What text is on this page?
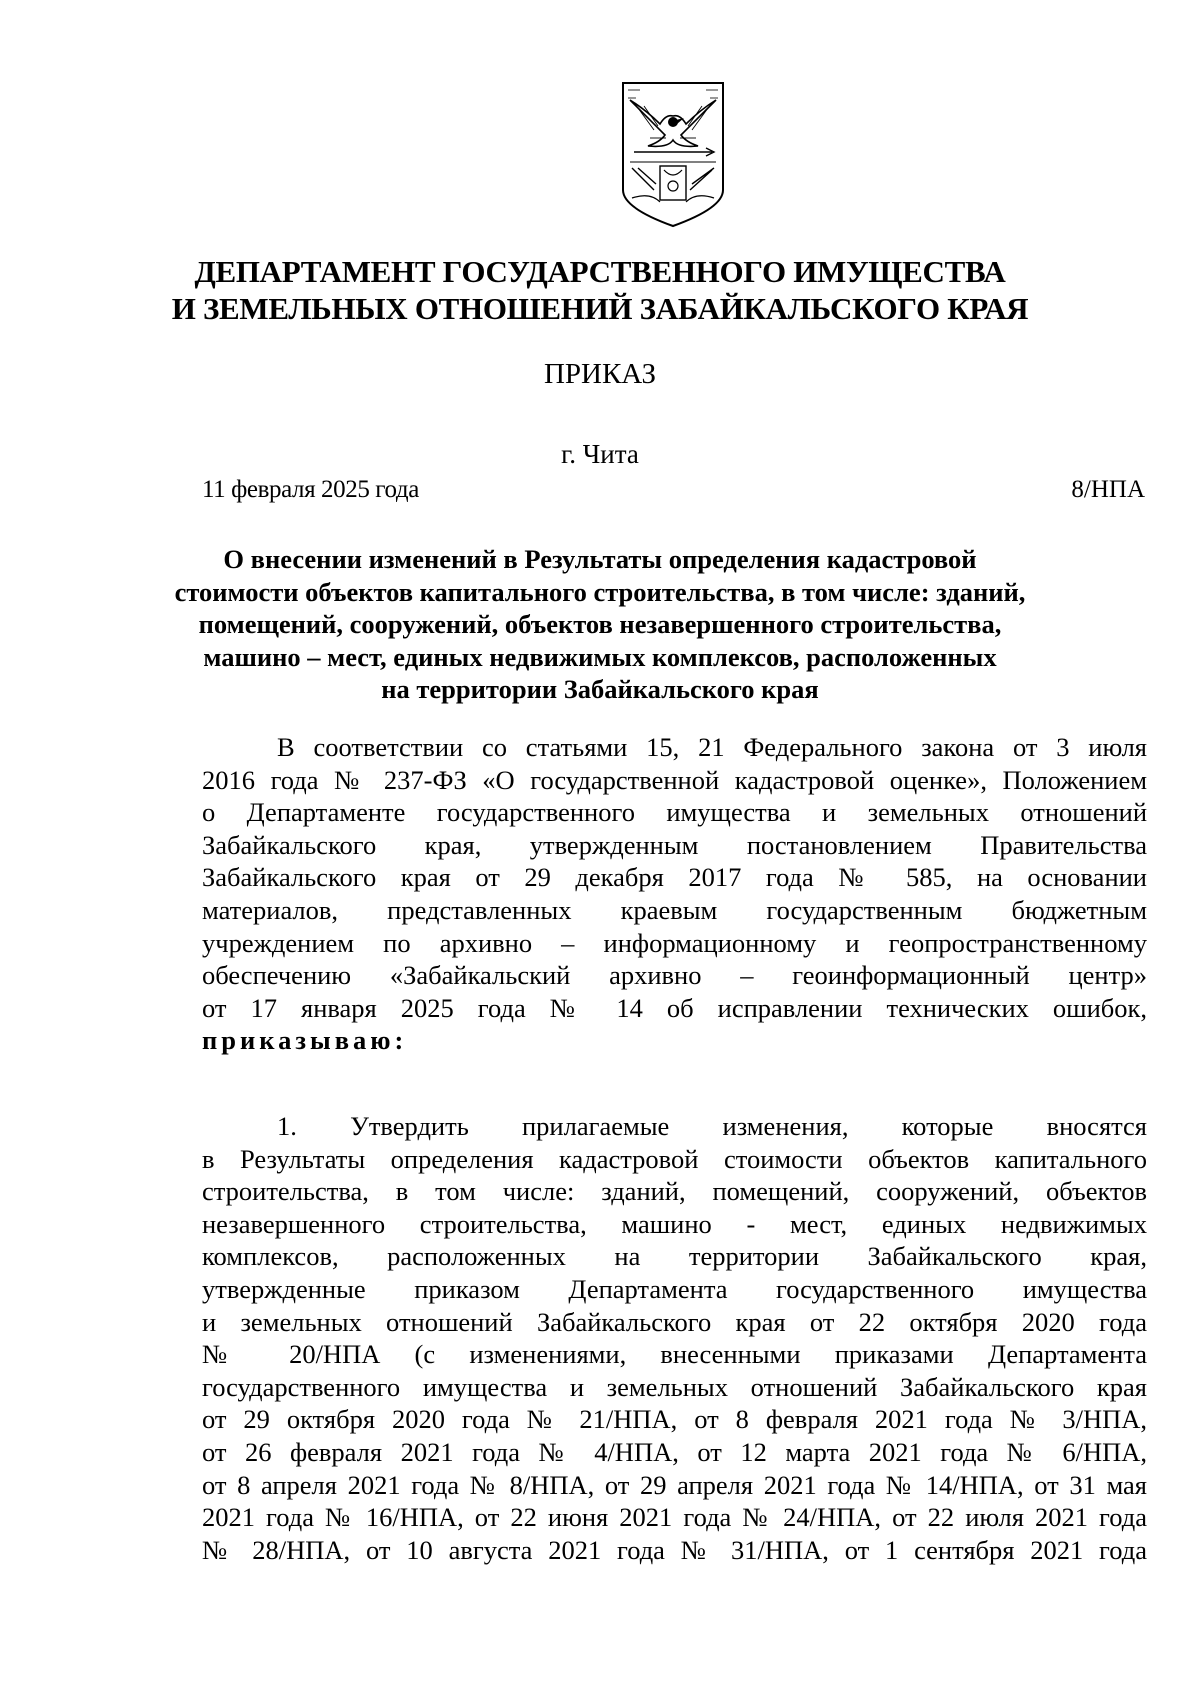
ДЕПАРТАМЕНТ ГОСУДАРСТВЕННОГО ИМУЩЕСТВА
И ЗЕМЕЛЬНЫХ ОТНОШЕНИЙ ЗАБАЙКАЛЬСКОГО КРАЯ
ПРИКАЗ
г. Чита
11 февраля 2025 года	8/НПА
О внесении изменений в Результаты определения кадастровой
стоимости объектов капитального строительства, в том числе: зданий,
помещений, сооружений, объектов незавершенного строительства,
машино – мест, единых недвижимых комплексов, расположенных
на территории Забайкальского края
В соответствии со статьями 15, 21 Федерального закона от 3 июля
2016 года № 237-ФЗ «О государственной кадастровой оценке», Положением
о Департаменте государственного имущества и земельных отношений
Забайкальского края, утвержденным постановлением Правительства
Забайкальского края от 29 декабря 2017 года № 585, на основании
материалов, представленных краевым государственным бюджетным
учреждением по архивно – информационному и геопространственному
обеспечению «Забайкальский архивно – геоинформационный центр»
от 17 января 2025 года № 14 об исправлении технических ошибок,
приказываю:
1. Утвердить прилагаемые изменения, которые вносятся
в Результаты определения кадастровой стоимости объектов капитального
строительства, в том числе: зданий, помещений, сооружений, объектов
незавершенного строительства, машино - мест, единых недвижимых
комплексов, расположенных на территории Забайкальского края,
утвержденные приказом Департамента государственного имущества
и земельных отношений Забайкальского края от 22 октября 2020 года
№ 20/НПА (с изменениями, внесенными приказами Департамента
государственного имущества и земельных отношений Забайкальского края
от 29 октября 2020 года № 21/НПА, от 8 февраля 2021 года № 3/НПА,
от 26 февраля 2021 года № 4/НПА, от 12 марта 2021 года № 6/НПА,
от 8 апреля 2021 года № 8/НПА, от 29 апреля 2021 года № 14/НПА, от 31 мая
2021 года № 16/НПА, от 22 июня 2021 года № 24/НПА, от 22 июля 2021 года
№ 28/НПА, от 10 августа 2021 года № 31/НПА, от 1 сентября 2021 года
